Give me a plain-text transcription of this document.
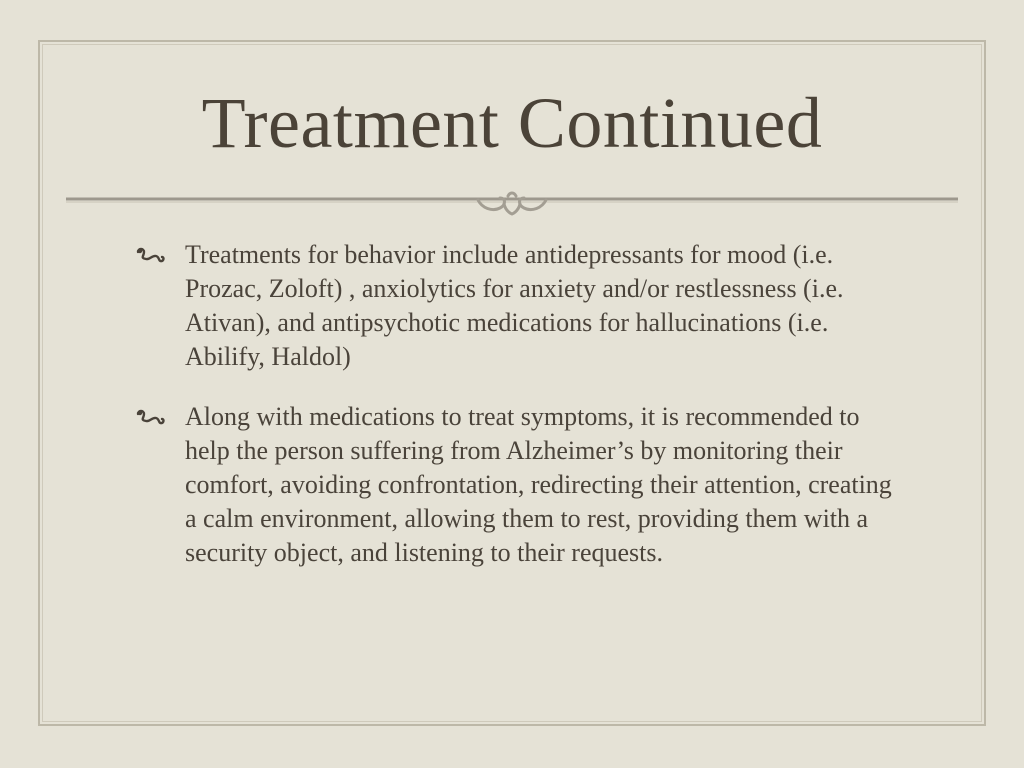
Treatment Continued
Treatments for behavior include antidepressants for mood (i.e. Prozac, Zoloft) , anxiolytics for anxiety and/or restlessness (i.e. Ativan), and antipsychotic medications for hallucinations (i.e. Abilify, Haldol)
Along with medications to treat symptoms, it is recommended to help the person suffering from Alzheimer’s by monitoring their comfort, avoiding confrontation, redirecting their attention, creating a calm environment, allowing them to rest, providing them with a security object, and listening to their requests.
